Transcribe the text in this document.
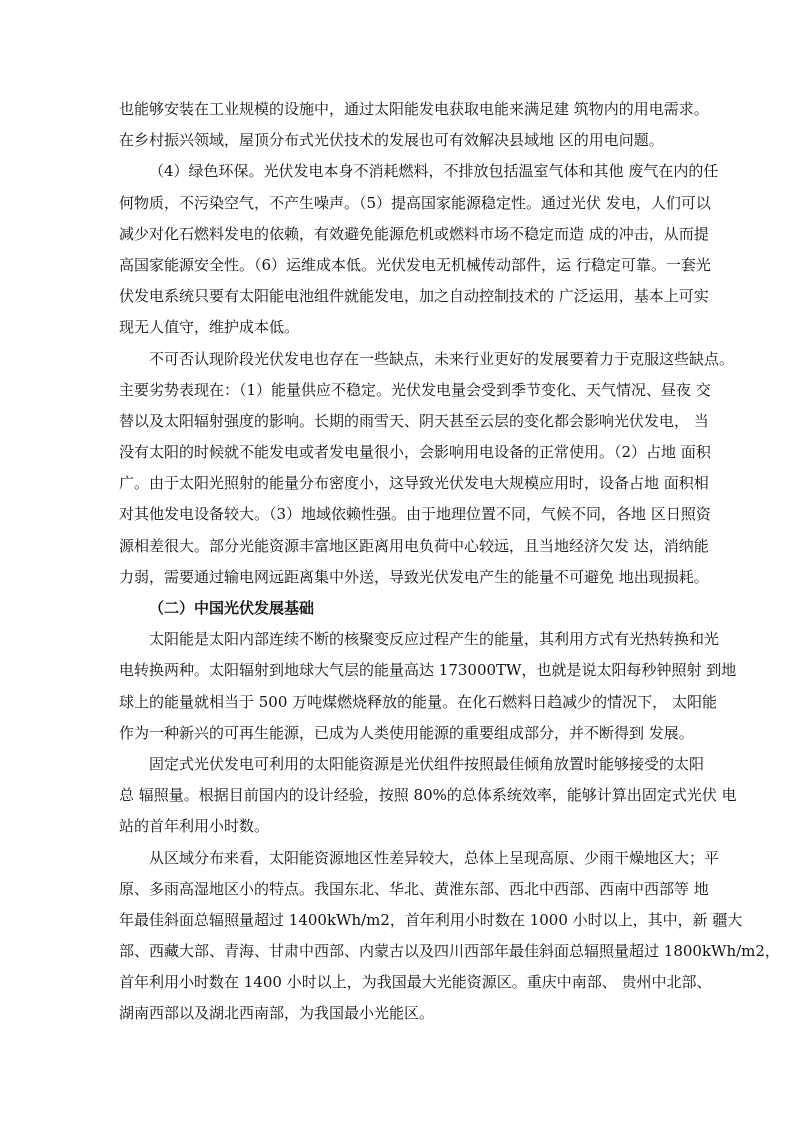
也能够安装在工业规模的设施中，通过太阳能发电获取电能来满足建 筑物内的用电需求。
在乡村振兴领域，屋顶分布式光伏技术的发展也可有效解决县域地 区的用电问题。
（4）绿色环保。光伏发电本身不消耗燃料，不排放包括温室气体和其他 废气在内的任
何物质，不污染空气，不产生噪声。（5）提高国家能源稳定性。通过光伏 发电，人们可以
减少对化石燃料发电的依赖，有效避免能源危机或燃料市场不稳定而造 成的冲击，从而提
高国家能源安全性。（6）运维成本低。光伏发电无机械传动部件，运 行稳定可靠。一套光
伏发电系统只要有太阳能电池组件就能发电，加之自动控制技术的 广泛运用，基本上可实
现无人值守，维护成本低。
不可否认现阶段光伏发电也存在一些缺点，未来行业更好的发展要着力于克服这些缺点。
主要劣势表现在：（1）能量供应不稳定。光伏发电量会受到季节变化、天气情况、昼夜 交
替以及太阳辐射强度的影响。长期的雨雪天、阴天甚至云层的变化都会影响光伏发电， 当
没有太阳的时候就不能发电或者发电量很小，会影响用电设备的正常使用。（2）占地 面积
广。由于太阳光照射的能量分布密度小，这导致光伏发电大规模应用时，设备占地 面积相
对其他发电设备较大。（3）地域依赖性强。由于地理位置不同，气候不同，各地 区日照资
源相差很大。部分光能资源丰富地区距离用电负荷中心较远，且当地经济欠发 达，消纳能
力弱，需要通过输电网远距离集中外送，导致光伏发电产生的能量不可避免 地出现损耗。
（二）中国光伏发展基础
太阳能是太阳内部连续不断的核聚变反应过程产生的能量，其利用方式有光热转换和光
电转换两种。太阳辐射到地球大气层的能量高达 173000TW，也就是说太阳每秒钟照射 到地
球上的能量就相当于 500 万吨煤燃烧释放的能量。在化石燃料日趋减少的情况下， 太阳能
作为一种新兴的可再生能源，已成为人类使用能源的重要组成部分，并不断得到 发展。
固定式光伏发电可利用的太阳能资源是光伏组件按照最佳倾角放置时能够接受的太阳
总 辐照量。根据目前国内的设计经验，按照 80%的总体系统效率，能够计算出固定式光伏 电
站的首年利用小时数。
从区域分布来看，太阳能资源地区性差异较大，总体上呈现高原、少雨干燥地区大；平
原、多雨高湿地区小的特点。我国东北、华北、黄淮东部、西北中西部、西南中西部等 地
年最佳斜面总辐照量超过 1400kWh/m2，首年利用小时数在 1000 小时以上，其中，新 疆大
部、西藏大部、青海、甘肃中西部、内蒙古以及四川西部年最佳斜面总辐照量超过 1800kWh/m2，
首年利用小时数在 1400 小时以上，为我国最大光能资源区。重庆中南部、 贵州中北部、
湖南西部以及湖北西南部，为我国最小光能区。
